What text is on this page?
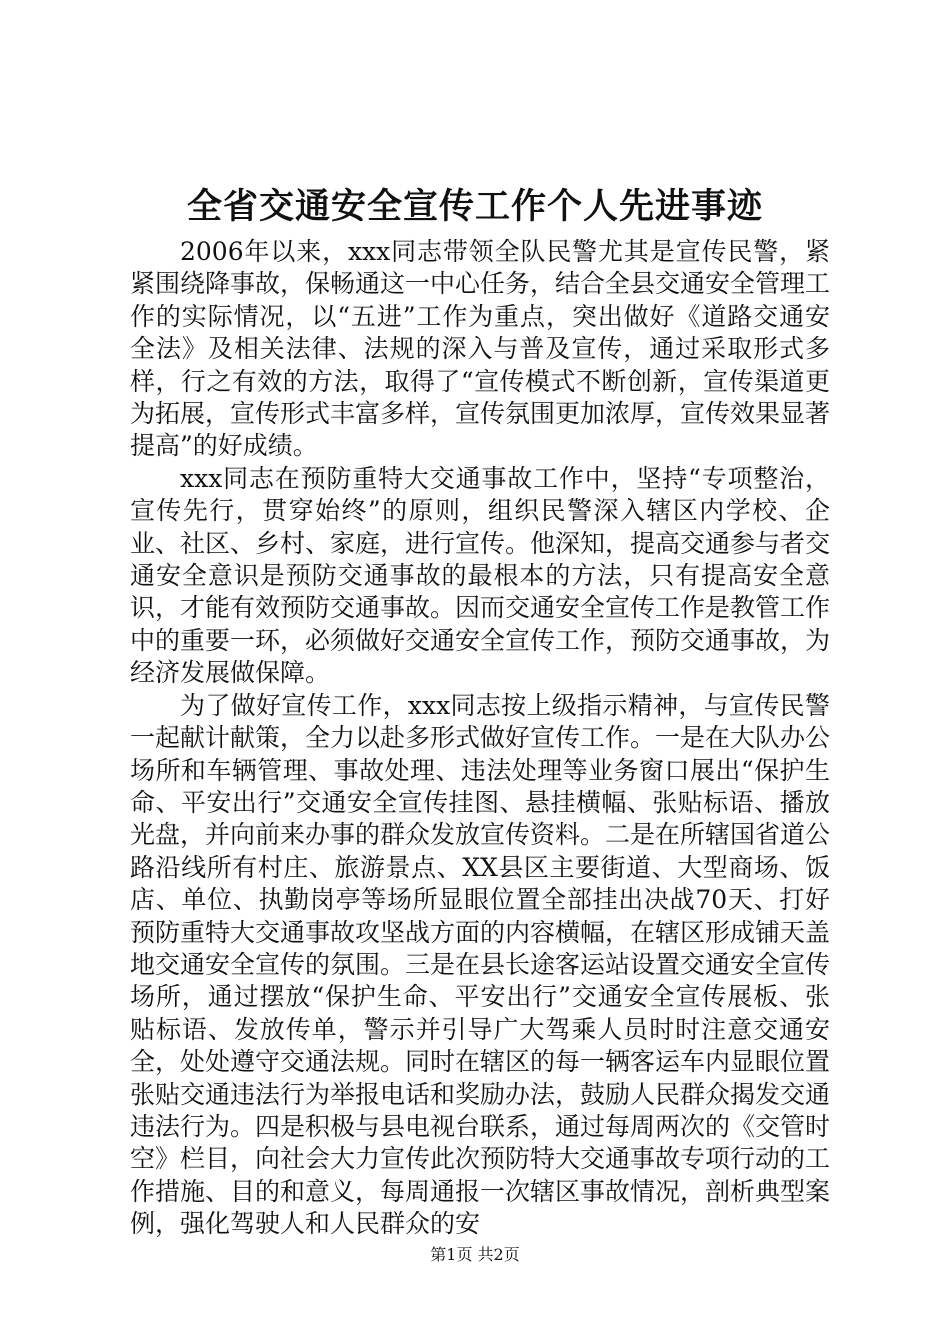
全省交通安全宣传工作个人先进事迹

2006年以来，xxx同志带领全队民警尤其是宣传民警，紧紧围绕降事故，保畅通这一中心任务，结合全县交通安全管理工作的实际情况，以“五进”工作为重点，突出做好《道路交通安全法》及相关法律、法规的深入与普及宣传，通过采取形式多样，行之有效的方法，取得了“宣传模式不断创新，宣传渠道更为拓展，宣传形式丰富多样，宣传氛围更加浓厚，宣传效果显著提高”的好成绩。

xxx同志在预防重特大交通事故工作中，坚持“专项整治，宣传先行，贯穿始终”的原则，组织民警深入辖区内学校、企业、社区、乡村、家庭，进行宣传。他深知，提高交通参与者交通安全意识是预防交通事故的最根本的方法，只有提高安全意识，才能有效预防交通事故。因而交通安全宣传工作是教管工作中的重要一环，必须做好交通安全宣传工作，预防交通事故，为经济发展做保障。

为了做好宣传工作，xxx同志按上级指示精神，与宣传民警一起献计献策，全力以赴多形式做好宣传工作。一是在大队办公场所和车辆管理、事故处理、违法处理等业务窗口展出“保护生命、平安出行”交通安全宣传挂图、悬挂横幅、张贴标语、播放光盘，并向前来办事的群众发放宣传资料。二是在所辖国省道公路沿线所有村庄、旅游景点、XX县区主要街道、大型商场、饭店、单位、执勤岗亭等场所显眼位置全部挂出决战70天、打好预防重特大交通事故攻坚战方面的内容横幅，在辖区形成铺天盖地交通安全宣传的氛围。三是在县长途客运站设置交通安全宣传场所，通过摆放“保护生命、平安出行”交通安全宣传展板、张贴标语、发放传单，警示并引导广大驾乘人员时时注意交通安全，处处遵守交通法规。同时在辖区的每一辆客运车内显眼位置张贴交通违法行为举报电话和奖励办法，鼓励人民群众揭发交通违法行为。四是积极与县电视台联系，通过每周两次的《交管时空》栏目，向社会大力宣传此次预防特大交通事故专项行动的工作措施、目的和意义，每周通报一次辖区事故情况，剖析典型案例，强化驾驶人和人民群众的安

第1页 共2页
